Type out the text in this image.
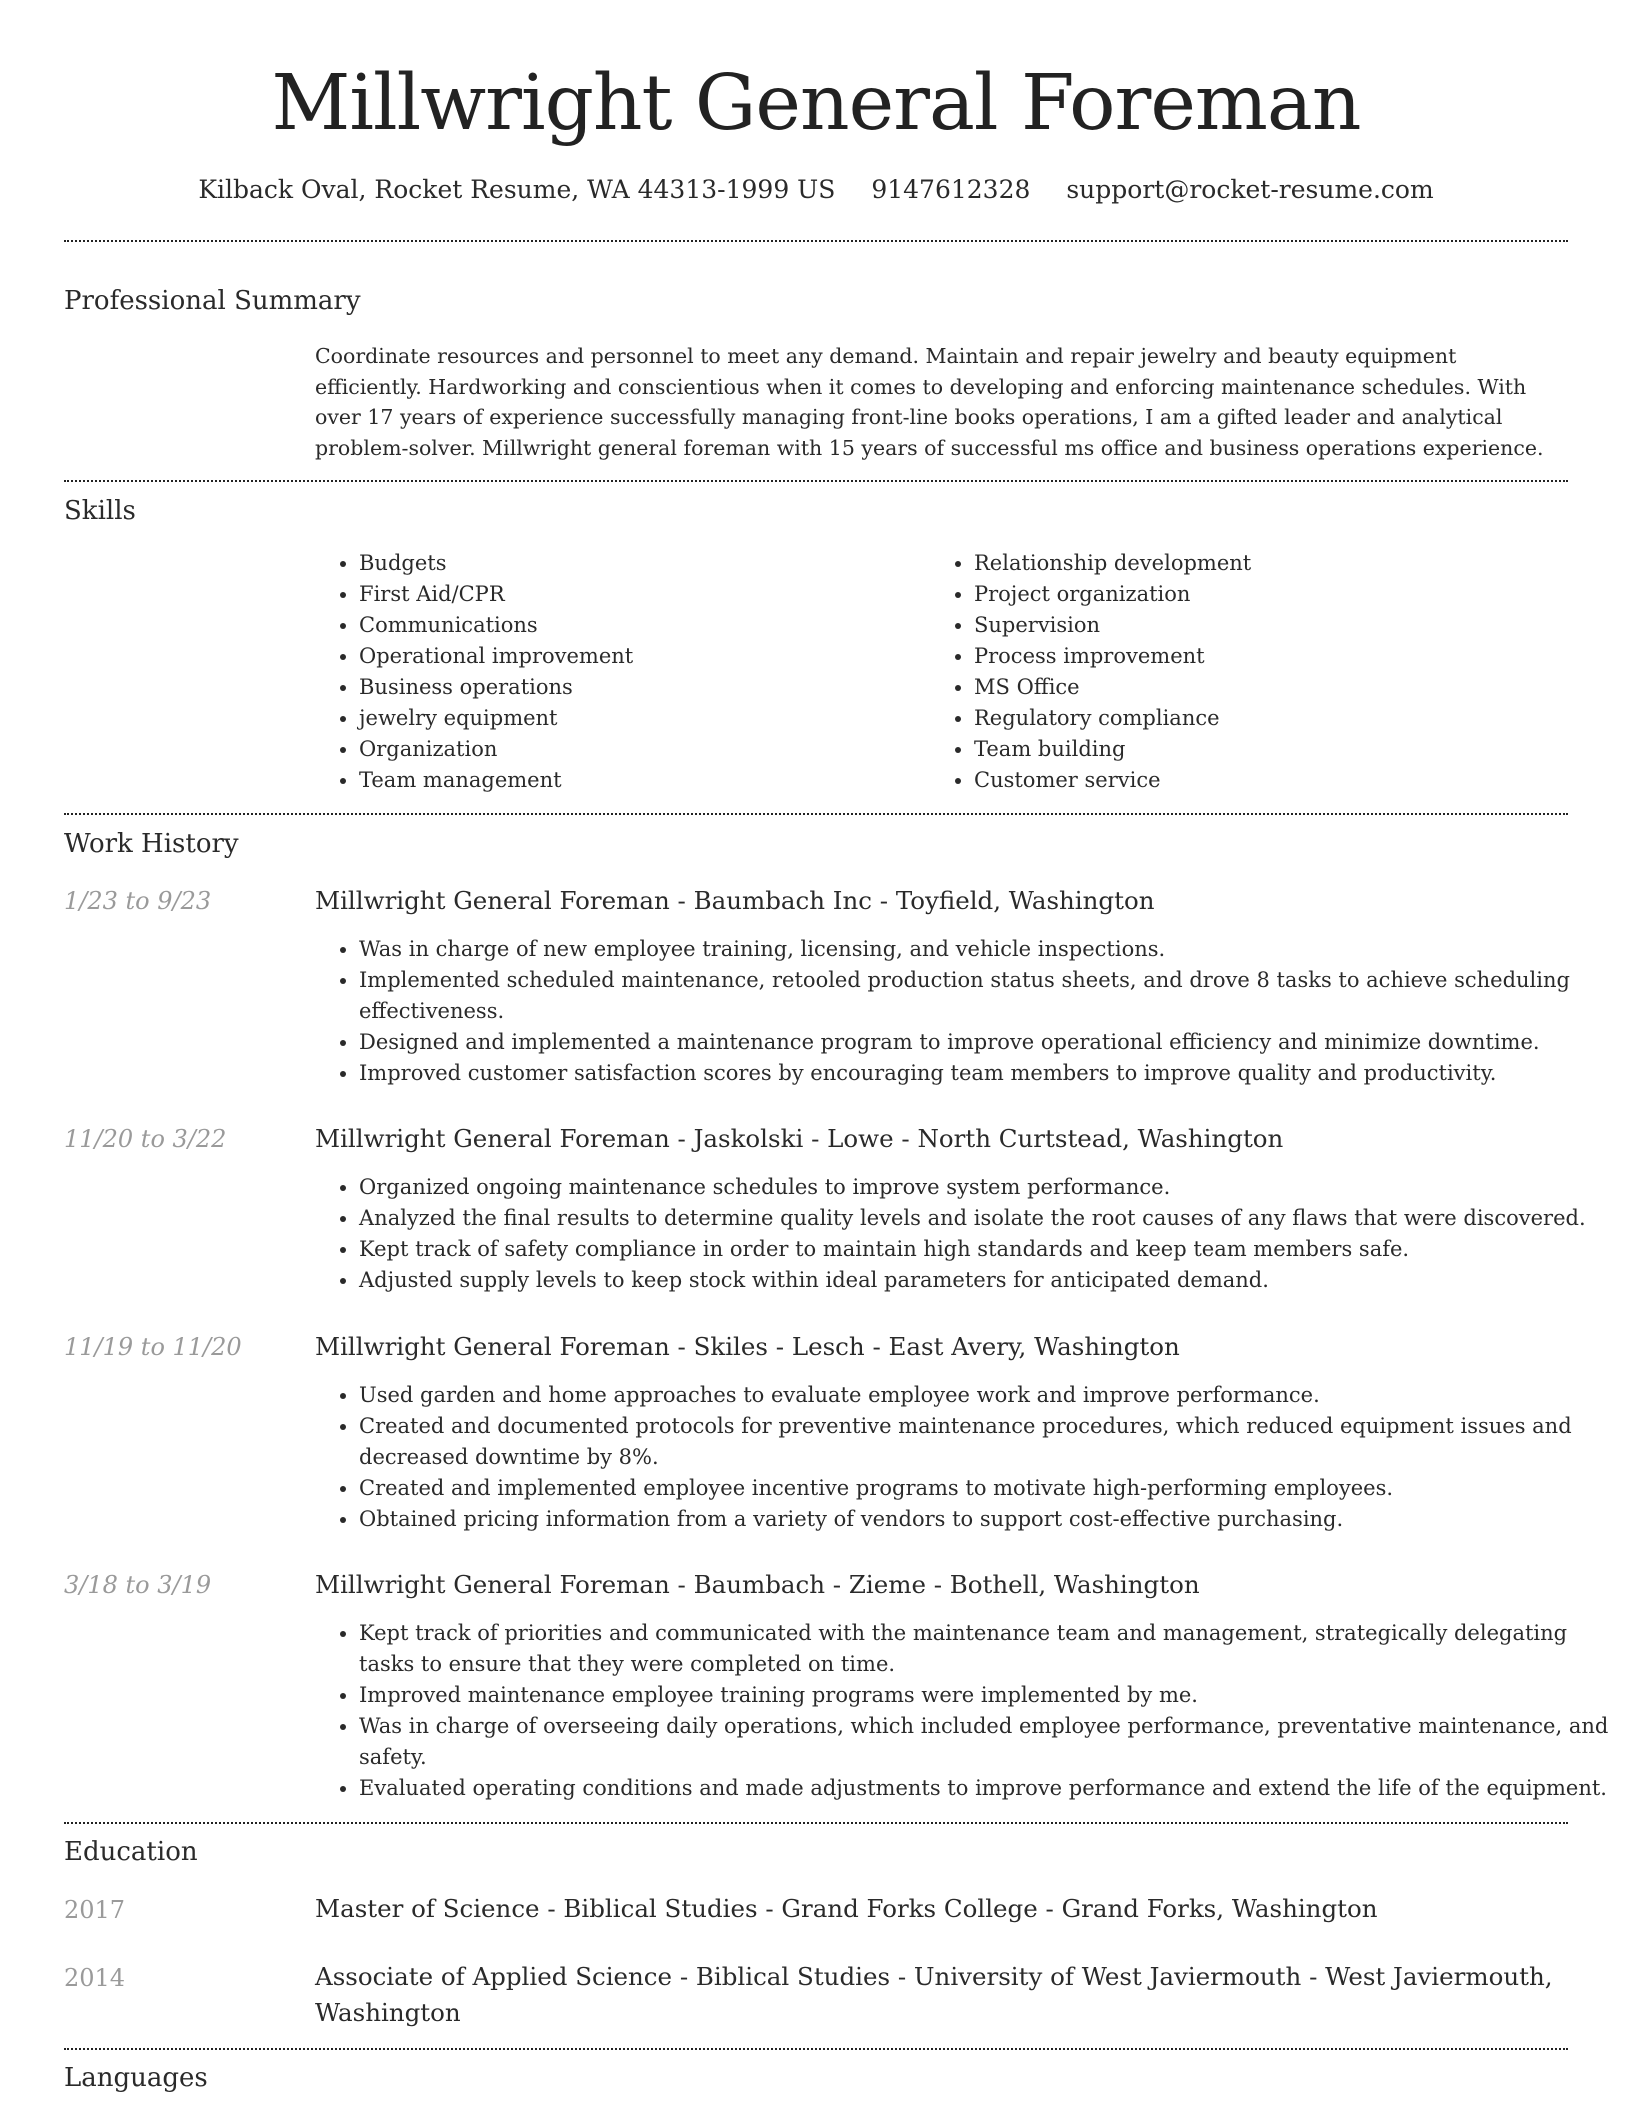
Millwright General Foreman
Kilback Oval, Rocket Resume, WA 44313-1999 US 9147612328 support@rocket-resume.com
Professional Summary
Coordinate resources and personnel to meet any demand. Maintain and repair jewelry and beauty equipment efficiently. Hardworking and conscientious when it comes to developing and enforcing maintenance schedules. With over 17 years of experience successfully managing front-line books operations, I am a gifted leader and analytical problem-solver. Millwright general foreman with 15 years of successful ms office and business operations experience.
Skills
• Budgets
• First Aid/CPR
• Communications
• Operational improvement
• Business operations
• jewelry equipment
• Organization
• Team management
• Relationship development
• Project organization
• Supervision
• Process improvement
• MS Office
• Regulatory compliance
• Team building
• Customer service
Work History
1/23 to 9/23	Millwright General Foreman - Baumbach Inc - Toyfield, Washington
• Was in charge of new employee training, licensing, and vehicle inspections.
• Implemented scheduled maintenance, retooled production status sheets, and drove 8 tasks to achieve scheduling effectiveness.
• Designed and implemented a maintenance program to improve operational efficiency and minimize downtime.
• Improved customer satisfaction scores by encouraging team members to improve quality and productivity.
11/20 to 3/22	Millwright General Foreman - Jaskolski - Lowe - North Curtstead, Washington
• Organized ongoing maintenance schedules to improve system performance.
• Analyzed the final results to determine quality levels and isolate the root causes of any flaws that were discovered.
• Kept track of safety compliance in order to maintain high standards and keep team members safe.
• Adjusted supply levels to keep stock within ideal parameters for anticipated demand.
11/19 to 11/20	Millwright General Foreman - Skiles - Lesch - East Avery, Washington
• Used garden and home approaches to evaluate employee work and improve performance.
• Created and documented protocols for preventive maintenance procedures, which reduced equipment issues and decreased downtime by 8%.
• Created and implemented employee incentive programs to motivate high-performing employees.
• Obtained pricing information from a variety of vendors to support cost-effective purchasing.
3/18 to 3/19	Millwright General Foreman - Baumbach - Zieme - Bothell, Washington
• Kept track of priorities and communicated with the maintenance team and management, strategically delegating tasks to ensure that they were completed on time.
• Improved maintenance employee training programs were implemented by me.
• Was in charge of overseeing daily operations, which included employee performance, preventative maintenance, and safety.
• Evaluated operating conditions and made adjustments to improve performance and extend the life of the equipment.
Education
2017	Master of Science - Biblical Studies - Grand Forks College - Grand Forks, Washington
2014	Associate of Applied Science - Biblical Studies - University of West Javiermouth - West Javiermouth, Washington
Languages
